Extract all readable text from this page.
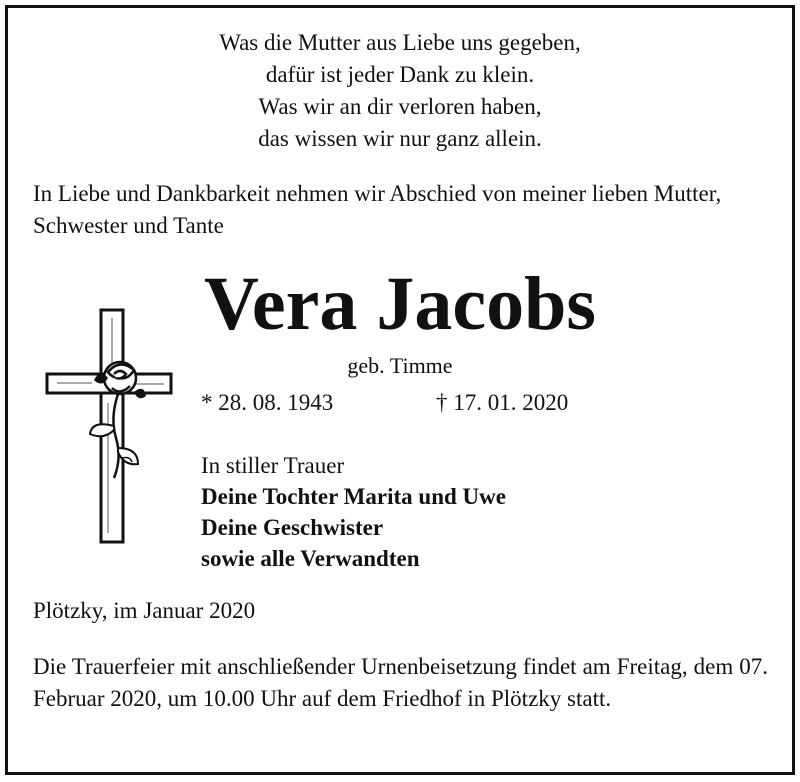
Was die Mutter aus Liebe uns gegeben,
dafür ist jeder Dank zu klein.
Was wir an dir verloren haben,
das wissen wir nur ganz allein.
In Liebe und Dankbarkeit nehmen wir Abschied von meiner lieben Mutter, Schwester und Tante
Vera Jacobs
geb. Timme
* 28. 08. 1943	† 17. 01. 2020
In stiller Trauer
Deine Tochter Marita und Uwe
Deine Geschwister
sowie alle Verwandten
Plötzky, im Januar 2020
Die Trauerfeier mit anschließender Urnenbeisetzung findet am Freitag, dem 07. Februar 2020, um 10.00 Uhr auf dem Friedhof in Plötzky statt.
